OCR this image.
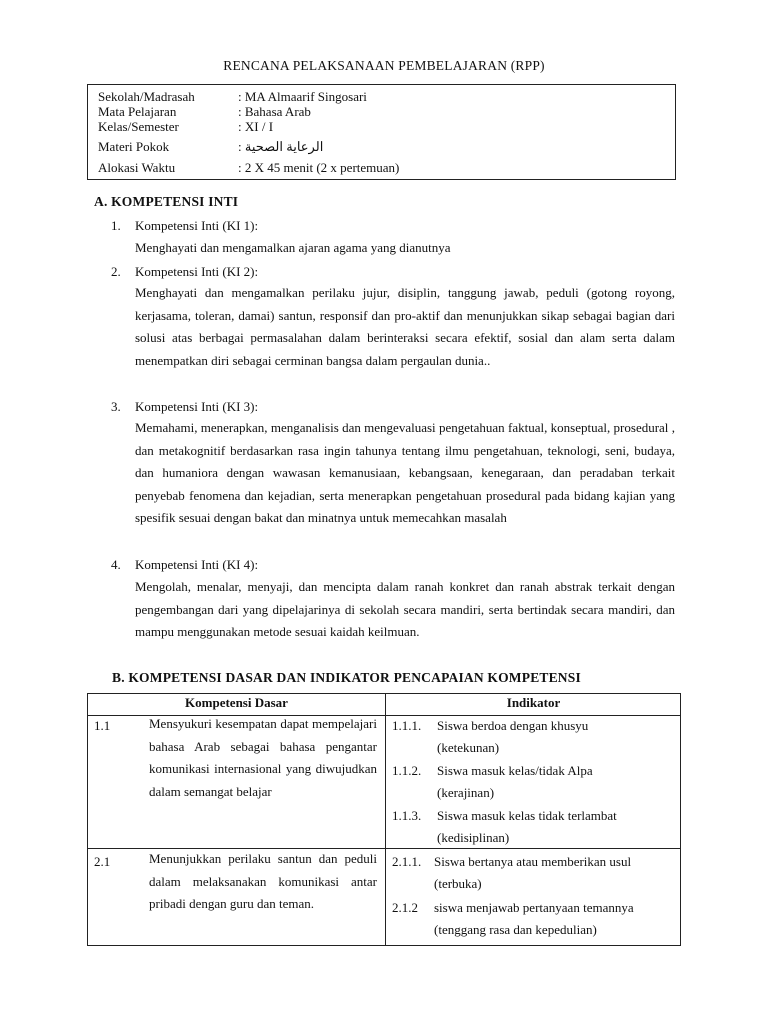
RENCANA PELAKSANAAN PEMBELAJARAN (RPP)
Sekolah/Madrasah	: MA Almaarif Singosari
Mata Pelajaran	: Bahasa Arab
Kelas/Semester	: XI / I
Materi Pokok	: الرعاية الصحية
Alokasi Waktu	: 2 X 45 menit (2 x pertemuan)
A. KOMPETENSI INTI
1. Kompetensi Inti (KI 1):
Menghayati dan mengamalkan ajaran agama yang dianutnya
2. Kompetensi Inti (KI 2):
Menghayati dan mengamalkan perilaku jujur, disiplin, tanggung jawab, peduli (gotong royong, kerjasama, toleran, damai) santun, responsif dan pro-aktif dan menunjukkan sikap sebagai bagian dari solusi atas berbagai permasalahan dalam berinteraksi secara efektif, sosial dan alam serta dalam menempatkan diri sebagai cerminan bangsa dalam pergaulan dunia..
3. Kompetensi Inti (KI 3):
Memahami, menerapkan, menganalisis dan mengevaluasi pengetahuan faktual, konseptual, prosedural , dan metakognitif berdasarkan rasa ingin tahunya tentang ilmu pengetahuan, teknologi, seni, budaya, dan humaniora dengan wawasan kemanusiaan, kebangsaan, kenegaraan, dan peradaban terkait penyebab fenomena dan kejadian, serta menerapkan pengetahuan prosedural pada bidang kajian yang spesifik sesuai dengan bakat dan minatnya untuk memecahkan masalah
4. Kompetensi Inti (KI 4):
Mengolah, menalar, menyaji, dan mencipta dalam ranah konkret dan ranah abstrak terkait dengan pengembangan dari yang dipelajarinya di sekolah secara mandiri, serta bertindak secara mandiri, dan mampu menggunakan metode sesuai kaidah keilmuan.
B. KOMPETENSI DASAR DAN INDIKATOR PENCAPAIAN KOMPETENSI
Kompetensi Dasar	Indikator
1.1	Mensyukuri kesempatan dapat mempelajari bahasa Arab sebagai bahasa pengantar komunikasi internasional yang diwujudkan dalam semangat belajar
1.1.1. Siswa berdoa dengan khusyu
(ketekunan)
1.1.2. Siswa masuk kelas/tidak Alpa
(kerajinan)
1.1.3. Siswa masuk kelas tidak terlambat
(kedisiplinan)
2.1	Menunjukkan perilaku santun dan peduli dalam melaksanakan komunikasi antar pribadi dengan guru dan teman.
2.1.1. Siswa bertanya atau memberikan usul
(terbuka)
2.1.2 siswa menjawab pertanyaan temannya
(tenggang rasa dan kepedulian)
